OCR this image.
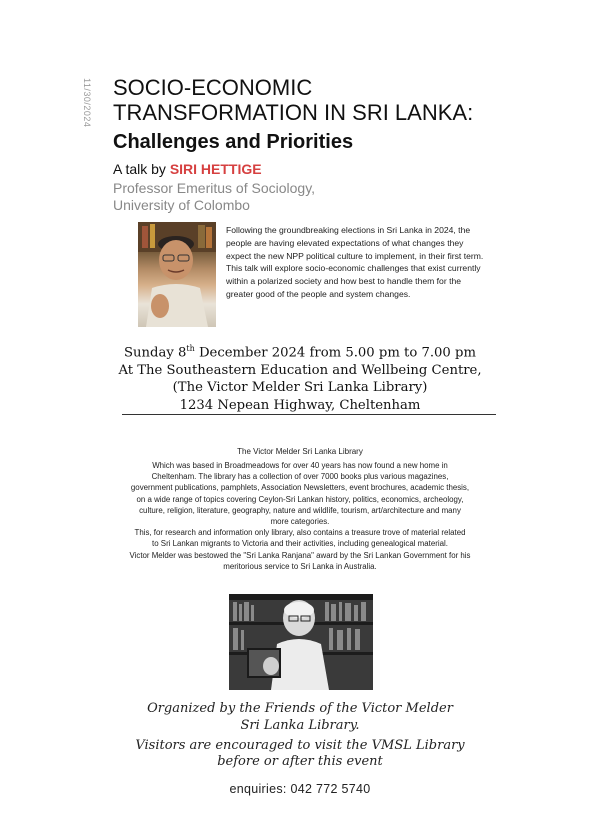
11/30/2024 SOCIO-ECONOMIC
TRANSFORMATION IN SRI LANKA:
Challenges and Priorities
A talk by SIRI HETTIGE
Professor Emeritus of Sociology,
University of Colombo
Following the groundbreaking elections in Sri Lanka in 2024, the people are having elevated expectations of what changes they expect the new NPP political culture to implement, in their first term. This talk will explore socio-economic challenges that exist currently within a polarized society and how best to handle them for the greater good of the people and system changes.
Sunday 8th December 2024 from 5.00 pm to 7.00 pm
At The Southeastern Education and Wellbeing Centre,
(The Victor Melder Sri Lanka Library)
1234 Nepean Highway, Cheltenham
The Victor Melder Sri Lanka Library
Which was based in Broadmeadows for over 40 years has now found a new home in
Cheltenham. The library has a collection of over 7000 books plus various magazines,
government publications, pamphlets, Association Newsletters, event brochures, academic thesis,
on a wide range of topics covering Ceylon-Sri Lankan history, politics, economics, archeology,
culture, religion, literature, geography, nature and wildlife, tourism, art/architecture and many
more categories.
This, for research and information only library, also contains a treasure trove of material related
to Sri Lankan migrants to Victoria and their activities, including genealogical material.
Victor Melder was bestowed the "Sri Lanka Ranjana" award by the Sri Lankan Government for his
meritorious service to Sri Lanka in Australia.
Organized by the Friends of the Victor Melder
Sri Lanka Library.
Visitors are encouraged to visit the VMSL Library
before or after this event
enquiries: 042 772 5740
